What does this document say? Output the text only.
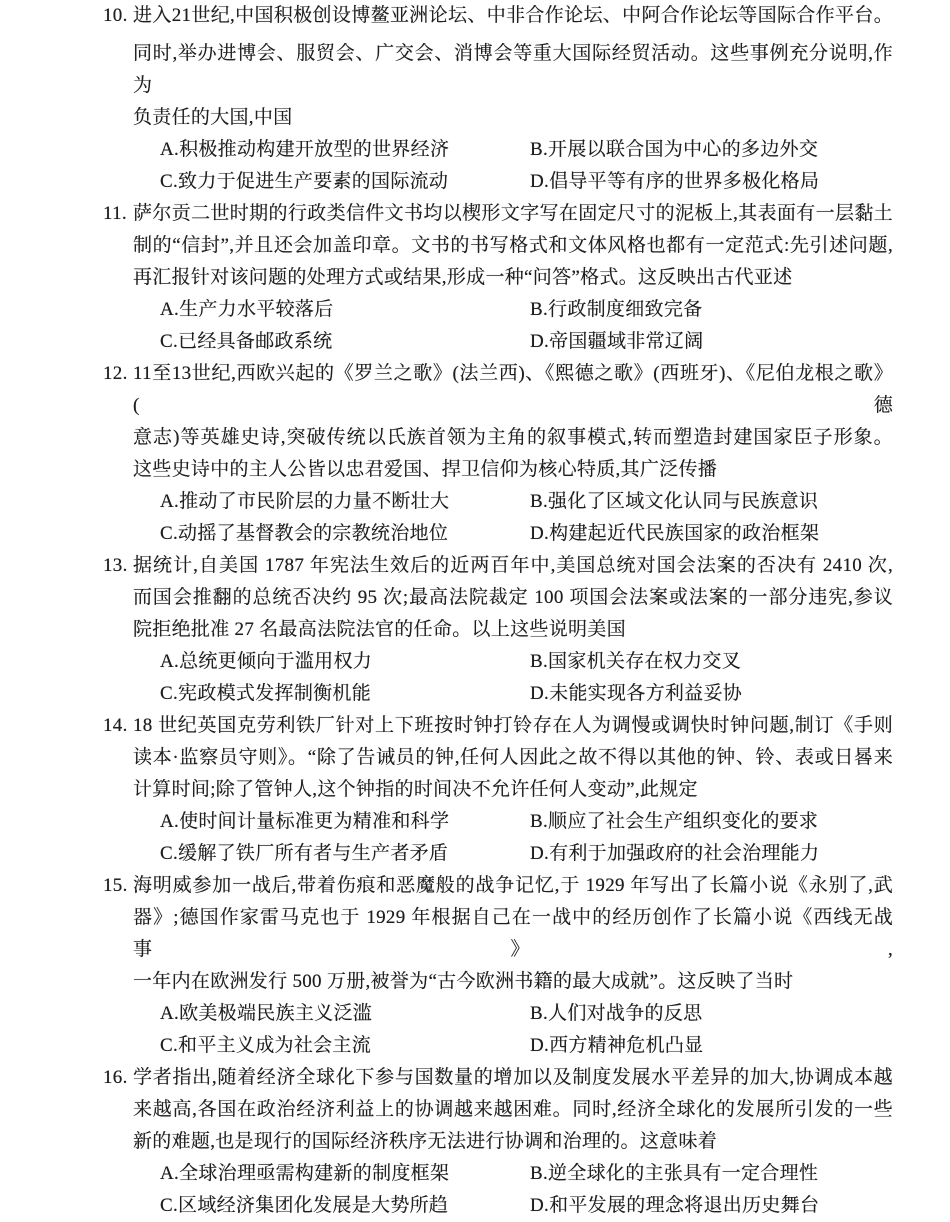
10. 进入21世纪,中国积极创设博鳌亚洲论坛、中非合作论坛、中阿合作论坛等国际合作平台。
同时,举办进博会、服贸会、广交会、消博会等重大国际经贸活动。这些事例充分说明,作为
负责任的大国,中国
A.积极推动构建开放型的世界经济	B.开展以联合国为中心的多边外交
C.致力于促进生产要素的国际流动	D.倡导平等有序的世界多极化格局
11. 萨尔贡二世时期的行政类信件文书均以楔形文字写在固定尺寸的泥板上,其表面有一层黏土
制的“信封”,并且还会加盖印章。文书的书写格式和文体风格也都有一定范式:先引述问题,
再汇报针对该问题的处理方式或结果,形成一种“问答”格式。这反映出古代亚述
A.生产力水平较落后	B.行政制度细致完备
C.已经具备邮政系统	D.帝国疆域非常辽阔
12. 11至13世纪,西欧兴起的《罗兰之歌》(法兰西)、《熙德之歌》(西班牙)、《尼伯龙根之歌》(德
意志)等英雄史诗,突破传统以氏族首领为主角的叙事模式,转而塑造封建国家臣子形象。
这些史诗中的主人公皆以忠君爱国、捍卫信仰为核心特质,其广泛传播
A.推动了市民阶层的力量不断壮大	B.强化了区域文化认同与民族意识
C.动摇了基督教会的宗教统治地位	D.构建起近代民族国家的政治框架
13. 据统计,自美国 1787 年宪法生效后的近两百年中,美国总统对国会法案的否决有 2410 次,
而国会推翻的总统否决约 95 次;最高法院裁定 100 项国会法案或法案的一部分违宪,参议
院拒绝批准 27 名最高法院法官的任命。以上这些说明美国
A.总统更倾向于滥用权力	B.国家机关存在权力交叉
C.宪政模式发挥制衡机能	D.未能实现各方利益妥协
14. 18 世纪英国克劳利铁厂针对上下班按时钟打铃存在人为调慢或调快时钟问题,制订《手则
读本·监察员守则》。“除了告诫员的钟,任何人因此之故不得以其他的钟、铃、表或日晷来
计算时间;除了管钟人,这个钟指的时间决不允许任何人变动”,此规定
A.使时间计量标准更为精准和科学	B.顺应了社会生产组织变化的要求
C.缓解了铁厂所有者与生产者矛盾	D.有利于加强政府的社会治理能力
15. 海明威参加一战后,带着伤痕和恶魔般的战争记忆,于 1929 年写出了长篇小说《永别了,武
器》;德国作家雷马克也于 1929 年根据自己在一战中的经历创作了长篇小说《西线无战事》,
一年内在欧洲发行 500 万册,被誉为“古今欧洲书籍的最大成就”。这反映了当时
A.欧美极端民族主义泛滥	B.人们对战争的反思
C.和平主义成为社会主流	D.西方精神危机凸显
16. 学者指出,随着经济全球化下参与国数量的增加以及制度发展水平差异的加大,协调成本越
来越高,各国在政治经济利益上的协调越来越困难。同时,经济全球化的发展所引发的一些
新的难题,也是现行的国际经济秩序无法进行协调和治理的。这意味着
A.全球治理亟需构建新的制度框架	B.逆全球化的主张具有一定合理性
C.区域经济集团化发展是大势所趋	D.和平发展的理念将退出历史舞台
